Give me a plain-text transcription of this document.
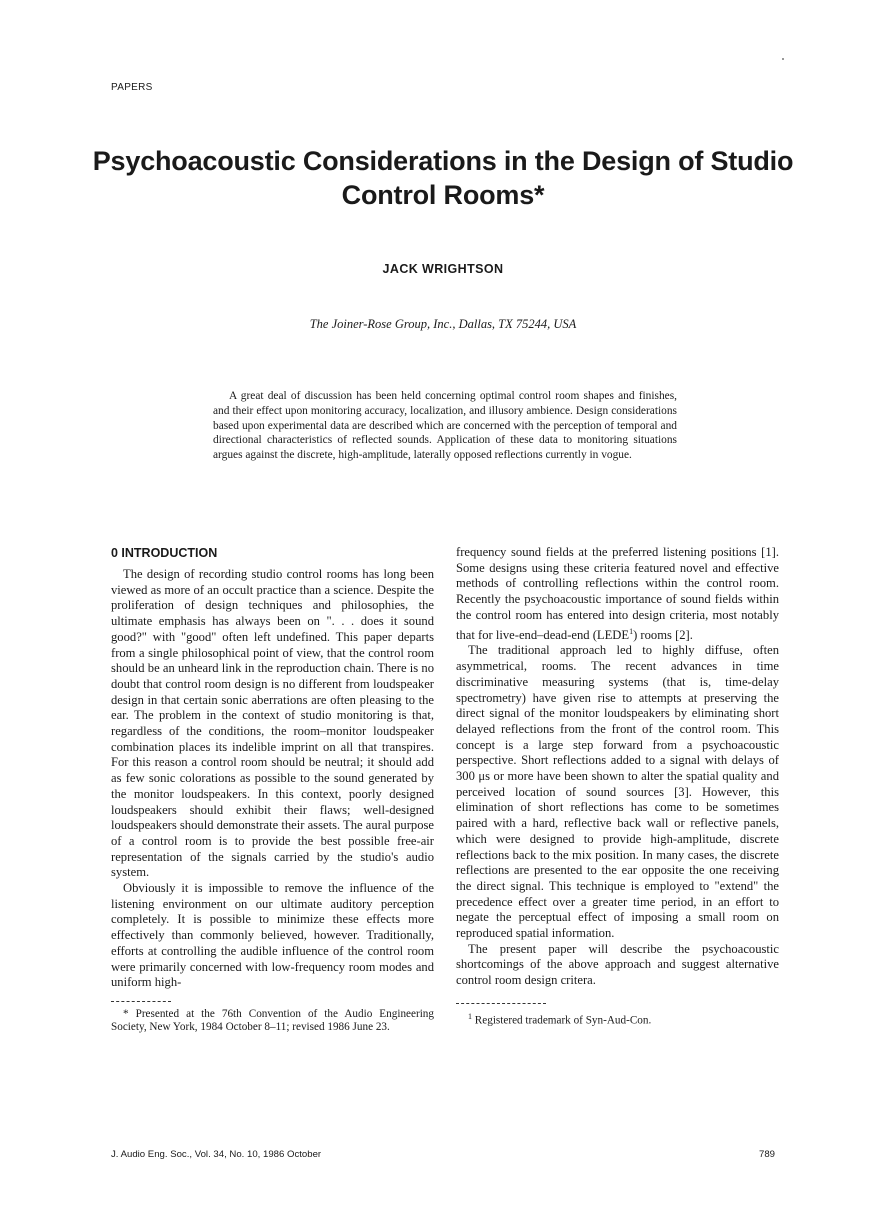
PAPERS
Psychoacoustic Considerations in the Design of Studio Control Rooms*
JACK WRIGHTSON
The Joiner-Rose Group, Inc., Dallas, TX 75244, USA
A great deal of discussion has been held concerning optimal control room shapes and finishes, and their effect upon monitoring accuracy, localization, and illusory ambience. Design considerations based upon experimental data are described which are concerned with the perception of temporal and directional characteristics of reflected sounds. Application of these data to monitoring situations argues against the discrete, high-amplitude, laterally opposed reflections currently in vogue.
0 INTRODUCTION

The design of recording studio control rooms has long been viewed as more of an occult practice than a science. Despite the proliferation of design techniques and philosophies, the ultimate emphasis has always been on ". . . does it sound good?" with "good" often left undefined. This paper departs from a single philosophical point of view, that the control room should be an unheard link in the reproduction chain. There is no doubt that control room design is no different from loudspeaker design in that certain sonic aberrations are often pleasing to the ear. The problem in the context of studio monitoring is that, regardless of the conditions, the room–monitor loudspeaker combination places its indelible imprint on all that transpires. For this reason a control room should be neutral; it should add as few sonic colorations as possible to the sound generated by the monitor loudspeakers. In this context, poorly designed loudspeakers should exhibit their flaws; well-designed loudspeakers should demonstrate their assets. The aural purpose of a control room is to provide the best possible free-air representation of the signals carried by the studio's audio system.

Obviously it is impossible to remove the influence of the listening environment on our ultimate auditory perception completely. It is possible to minimize these effects more effectively than commonly believed, however. Traditionally, efforts at controlling the audible influence of the control room were primarily concerned with low-frequency room modes and uniform high-

* Presented at the 76th Convention of the Audio Engineering Society, New York, 1984 October 8–11; revised 1986 June 23.

frequency sound fields at the preferred listening positions [1]. Some designs using these criteria featured novel and effective methods of controlling reflections within the control room. Recently the psychoacoustic importance of sound fields within the control room has entered into design criteria, most notably that for live-end–dead-end (LEDE$^1$) rooms [2].

The traditional approach led to highly diffuse, often asymmetrical, rooms. The recent advances in time discriminative measuring systems (that is, time-delay spectrometry) have given rise to attempts at preserving the direct signal of the monitor loudspeakers by eliminating short delayed reflections from the front of the control room. This concept is a large step forward from a psychoacoustic perspective. Short reflections added to a signal with delays of 300 μs or more have been shown to alter the spatial quality and perceived location of sound sources [3]. However, this elimination of short reflections has come to be sometimes paired with a hard, reflective back wall or reflective panels, which were designed to provide high-amplitude, discrete reflections back to the mix position. In many cases, the discrete reflections are presented to the ear opposite the one receiving the direct signal. This technique is employed to "extend" the precedence effect over a greater time period, in an effort to negate the perceptual effect of imposing a small room on reproduced spatial information.

The present paper will describe the psychoacoustic shortcomings of the above approach and suggest alternative control room design critera.

$^1$ Registered trademark of Syn-Aud-Con.

J. Audio Eng. Soc., Vol. 34, No. 10, 1986 October	789
